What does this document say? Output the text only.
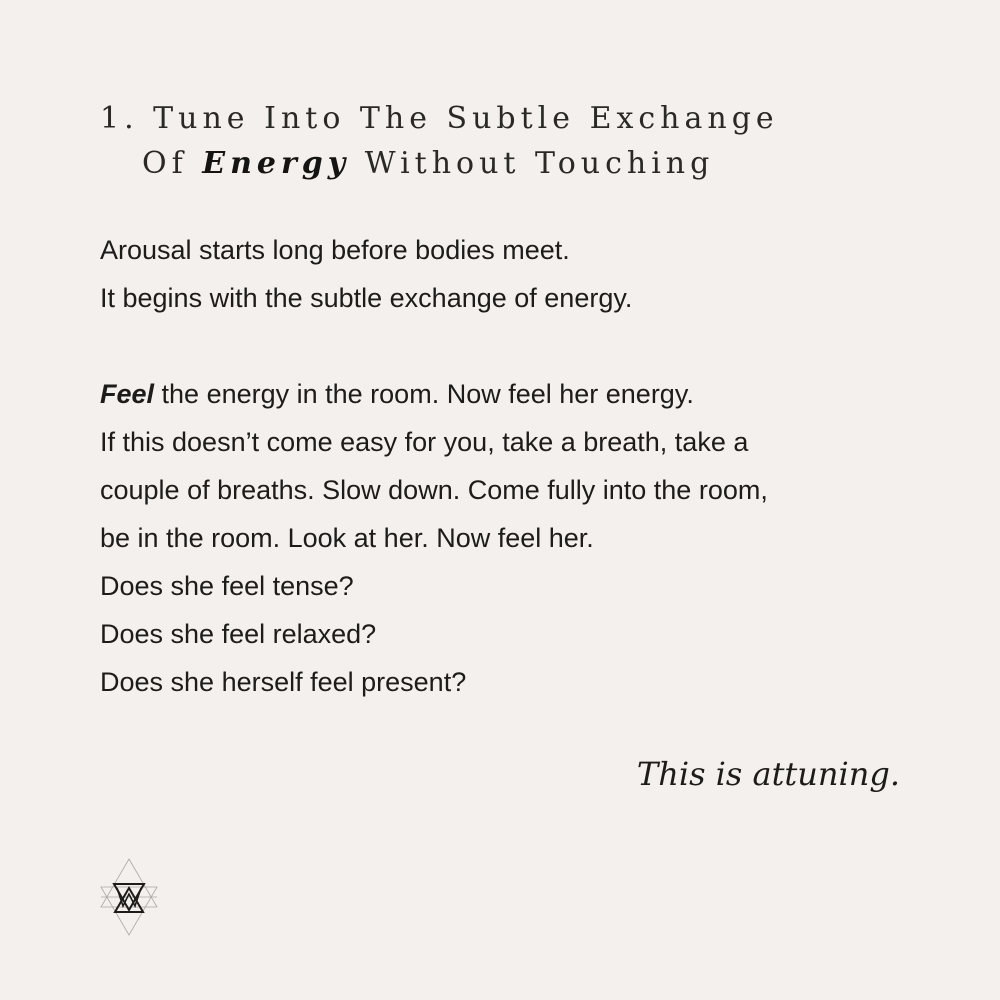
1. Tune Into The Subtle Exchange
Of Energy Without Touching

Arousal starts long before bodies meet.

It begins with the subtle exchange of energy.

Feel the energy in the room. Now feel her energy.

If this doesn’t come easy for you, take a breath, take a

couple of breaths. Slow down. Come fully into the room,

be in the room. Look at her. Now feel her.

Does she feel tense?

Does she feel relaxed?

Does she herself feel present?

This is attuning.
